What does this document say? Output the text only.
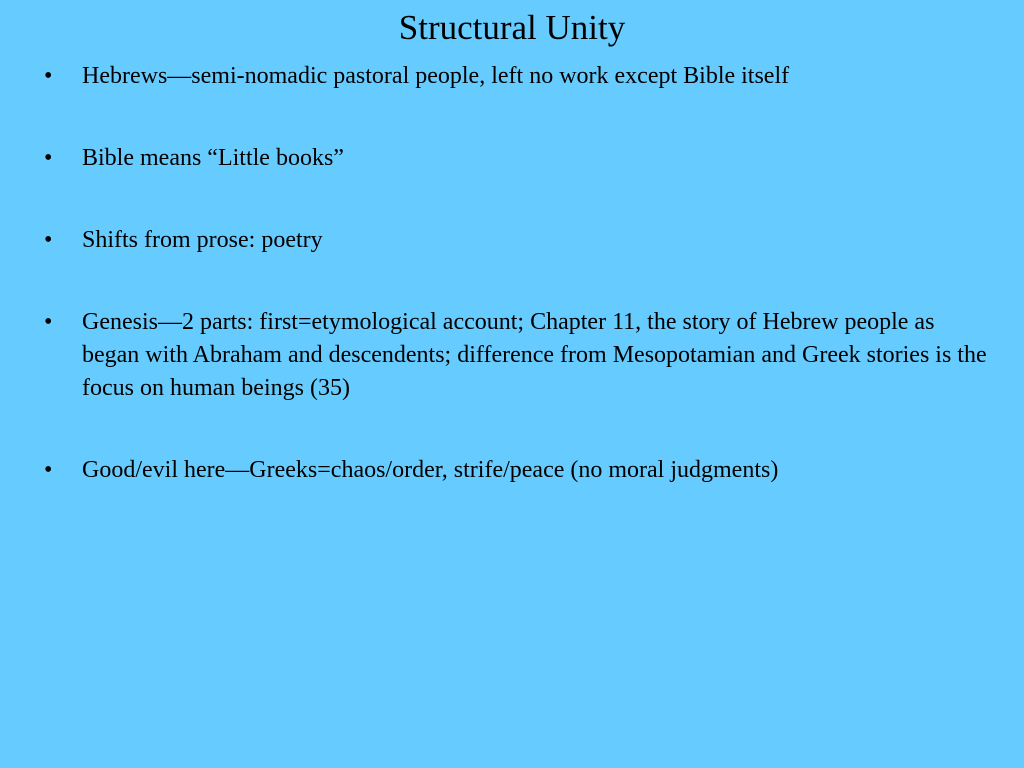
Structural Unity
•	Hebrews—semi-nomadic pastoral people, left no work except Bible itself
•	Bible means “Little books”
•	Shifts from prose: poetry
•	Genesis—2 parts: first=etymological account; Chapter 11, the story of Hebrew people as began with Abraham and descendents; difference from Mesopotamian and Greek stories is the focus on human beings (35)
•	Good/evil here—Greeks=chaos/order, strife/peace (no moral judgments)
